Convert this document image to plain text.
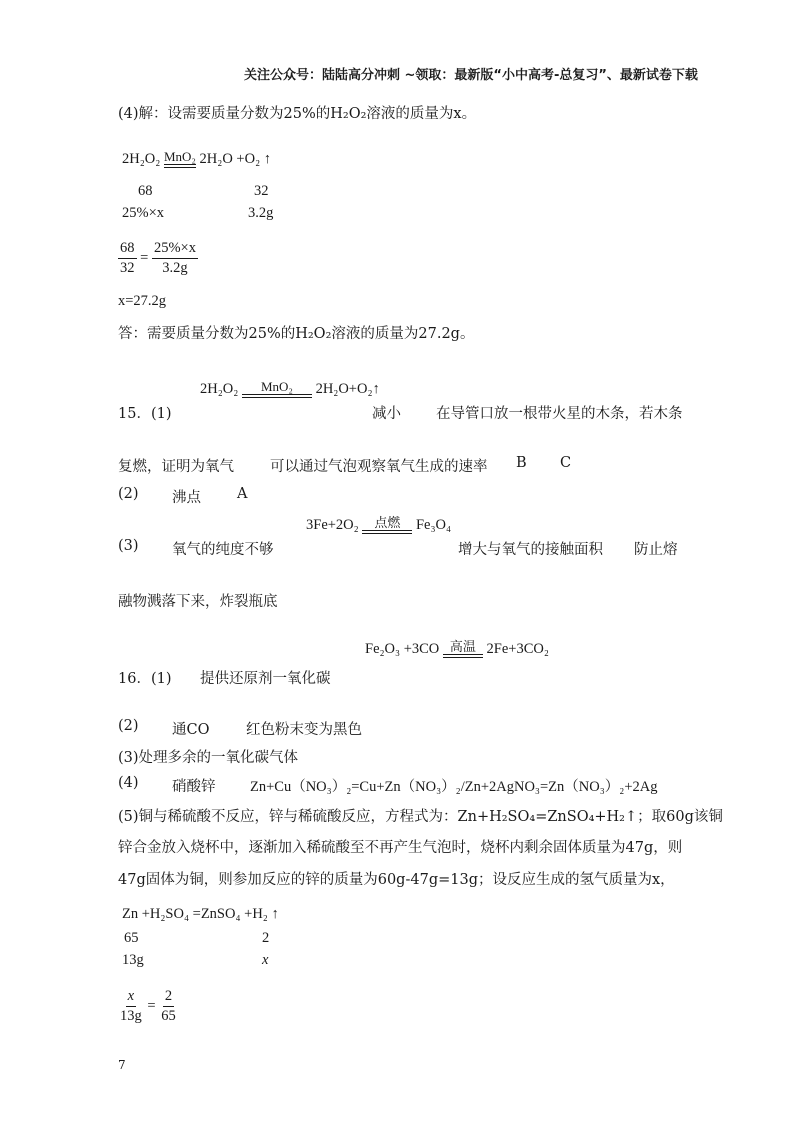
关注公众号：陆陆高分冲刺 ~领取：最新版“小中高考-总复习”、最新试卷下载
(4)解：设需要质量分数为25%的H₂O₂溶液的质量为x。
2H₂O₂ MnO₂ 2H₂O +O₂ ↑
68	32
25%×x	3.2g
$\frac{68}{32} = \frac{25\%\times x}{3.2g}$
x=27.2g
答：需要质量分数为25%的H₂O₂溶液的质量为27.2g。
15．(1)
2H₂O₂ MnO₂ 2H₂O+O₂↑
减小 在导管口放一根带火星的木条，若木条
复燃，证明为氧气 可以通过气泡观察氧气生成的速率 B C
(2) 沸点 A
(3) 氧气的纯度不够
3Fe+2O₂ 点燃 Fe₃O₄
增大与氧气的接触面积 防止熔
融物溅落下来，炸裂瓶底
16．(1) 提供还原剂一氧化碳
Fe₂O₃ +3CO 高温 2Fe+3CO₂
(2) 通CO	红色粉末变为黑色
(3)处理多余的一氧化碳气体
(4) 硝酸锌 Zn+Cu（NO₃）₂=Cu+Zn（NO₃）₂/Zn+2AgNO₃=Zn（NO₃）₂+2Ag
(5)铜与稀硫酸不反应，锌与稀硫酸反应，方程式为：Zn+H₂SO₄=ZnSO₄+H₂↑；取60g该铜
锌合金放入烧杯中，逐渐加入稀硫酸至不再产生气泡时，烧杯内剩余固体质量为47g，则
47g固体为铜，则参加反应的锌的质量为60g-47g=13g；设反应生成的氢气质量为x，
Zn +H₂SO₄ =ZnSO₄ +H₂ ↑
65	2
13g	x
$\frac{x}{13g} = \frac{2}{65}$
7
